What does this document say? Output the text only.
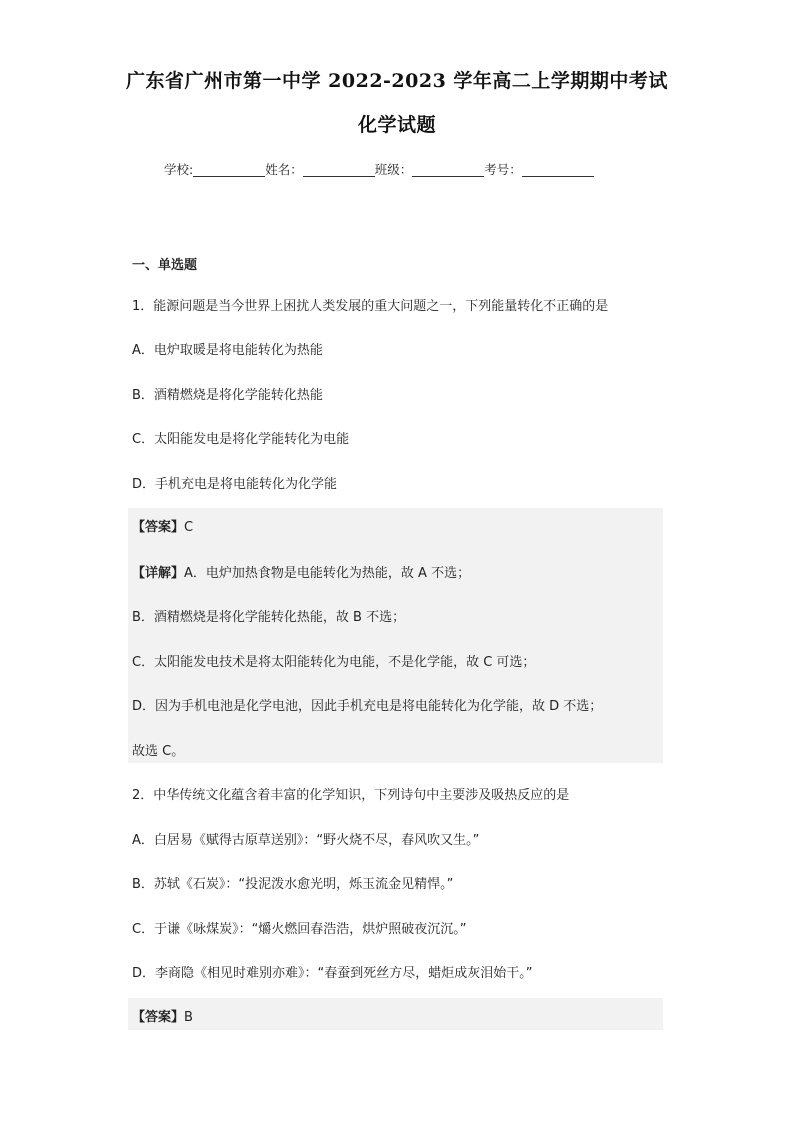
广东省广州市第一中学 2022-2023 学年高二上学期期中考试
化学试题
学校:	姓名：	班级：	考号：
一、单选题
1．能源问题是当今世界上困扰人类发展的重大问题之一，下列能量转化不正确的是
A．电炉取暖是将电能转化为热能
B．酒精燃烧是将化学能转化热能
C．太阳能发电是将化学能转化为电能
D．手机充电是将电能转化为化学能
【答案】C
【详解】A．电炉加热食物是电能转化为热能，故 A 不选；
B．酒精燃烧是将化学能转化热能，故 B 不选；
C．太阳能发电技术是将太阳能转化为电能，不是化学能，故 C 可选；
D．因为手机电池是化学电池，因此手机充电是将电能转化为化学能，故 D 不选；
故选 C。
2．中华传统文化蕴含着丰富的化学知识，下列诗句中主要涉及吸热反应的是
A．白居易《赋得古原草送别》：“野火烧不尽，春风吹又生。”
B．苏轼《石炭》：“投泥泼水愈光明，烁玉流金见精悍。”
C．于谦《咏煤炭》：“爝火燃回春浩浩，烘炉照破夜沉沉。”
D．李商隐《相见时难别亦难》：“春蚕到死丝方尽，蜡炬成灰泪始干。”
【答案】B
